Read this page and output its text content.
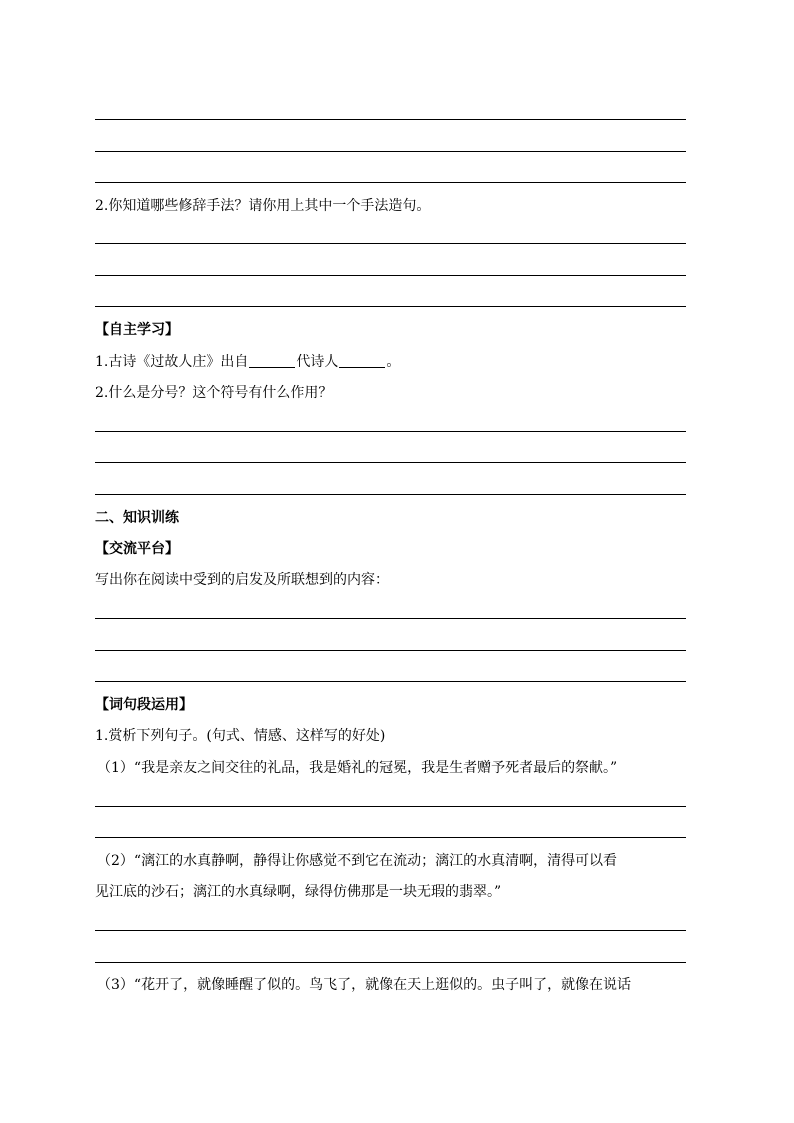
2.你知道哪些修辞手法？请你用上其中一个手法造句。
【自主学习】
1.古诗《过故人庄》出自	代诗人	。
2.什么是分号？这个符号有什么作用？
二、知识训练
【交流平台】
写出你在阅读中受到的启发及所联想到的内容：
【词句段运用】
1.赏析下列句子。(句式、情感、这样写的好处)
（1）“我是亲友之间交往的礼品，我是婚礼的冠冕，我是生者赠予死者最后的祭献。”
（2）“漓江的水真静啊，静得让你感觉不到它在流动；漓江的水真清啊，清得可以看
见江底的沙石；漓江的水真绿啊，绿得仿佛那是一块无瑕的翡翠。”
（3）“花开了，就像睡醒了似的。鸟飞了，就像在天上逛似的。虫子叫了，就像在说话
